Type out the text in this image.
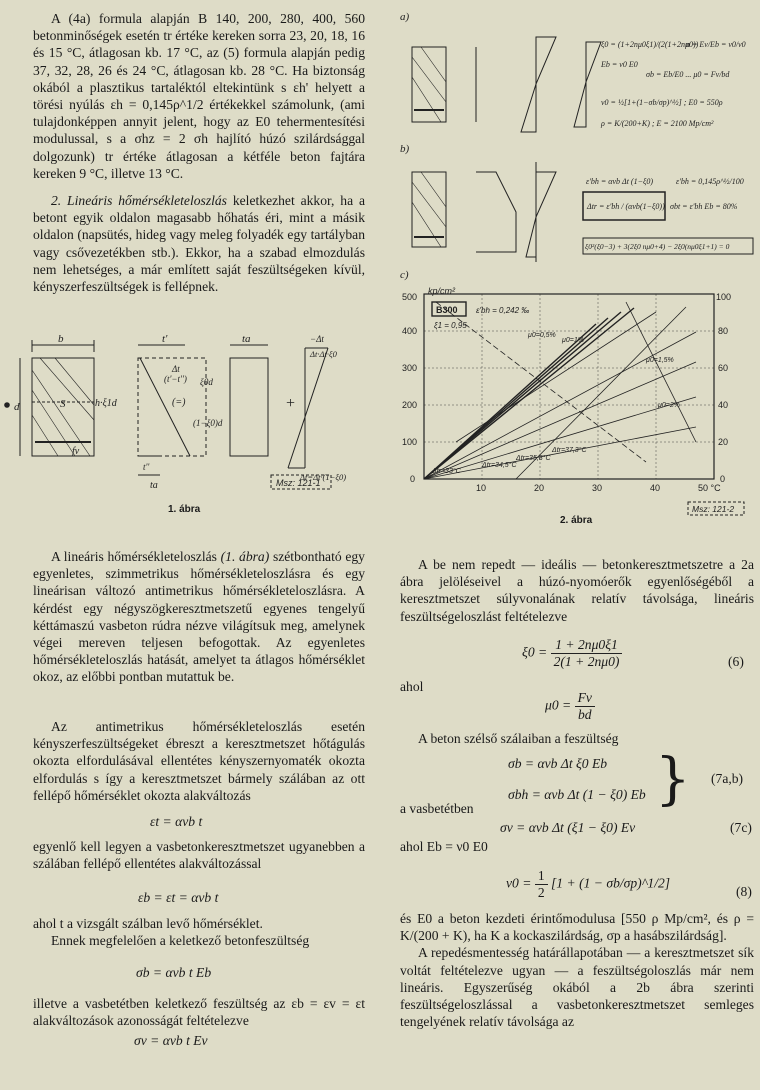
A (4a) formula alapján B 140, 200, 280, 400, 560 betonminőségek esetén tr értéke kereken sorra 23, 20, 18, 16 és 15 °C, átlagosan kb. 17 °C, az (5) formula alapján pedig 37, 32, 28, 26 és 24 °C, átlagosan kb. 28 °C. Ha biztonság okából a plasztikus tartaléktól eltekintünk s εh' helyett a törési nyúlás εh = 0,145ρ^1/2 értékekkel számolunk, (ami tulajdonképpen annyit jelent, hogy az E0 tehermentesítési modulussal, s a σhz = 2 σh hajlító húzó szilárdsággal dolgozunk) tr értéke átlagosan a kétféle beton fajtára kereken 9 °C, illetve 13 °C.

2. Lineáris hőmérsékleteloszlás keletkezhet akkor, ha a betont egyik oldalon magasabb hőhatás éri, mint a másik oldalon (napsütés, hideg vagy meleg folyadék egy tartályban vagy csővezetékben stb.). Ekkor, ha a szabad elmozdulás nem lehetséges, a már említett saját feszültségeken kívül, kényszerfeszültségek is fellépnek.

b
d	h·ξ1d
S
fv
t'
Δt
(t'−t'') ξ0d
(=)
(1−ξ0)d
t''
ta
ta	−Δt
Δt·Δt·ξ0
Δt=Δt·(1−ξ0)
+
Msz: 121-1
1. ábra
a)
b)
c)
ξ0 = (1+2nμ0ξ1)/(2(1+2nμ0))
n = Ev/Eb = ν0/ν0
Eb = ν0 E0
σb = Eb/E0 ... μ0 = Fv/bd
ν0 = ½[1+(1−σb/σp)^½] ; E0 = 550ρ
ρ = K/(200+K) ; E = 2100 Mp/cm²
ε'bh = αvb Δt (1−ξ0)	ε'bh = 0,145ρ^½/100
Δtr = ε'bh / (αvb(1−ξ0)) σbt = ε'bh Eb = 80%
ξ0²(ξ0−3) + 3(2ξ0 nμ0+4) − 2ξ0(nμ0ξ1+1) = 0
kp/cm²
0
100
200
300
400
500
10	20	30	40	50 °C
0
20
40
60
80
100
B300
ξ1 = 0,95
ε'bh = 0,242 ‰
μ0=0,5%
μ0=1%
μ0=1,5%
μ0=2%
Δtr=37,3°C
Δtr=35,8°C
Δtr=34,5°C
Δtr=33°C
Msz: 121-2
2. ábra

A lineáris hőmérsékleteloszlás (1. ábra) szétbontható egy egyenletes, szimmetrikus hőmérsékleteloszlásra és egy lineárisan változó antimetrikus hőmérsékleteloszlásra. A kérdést egy négyszögkeresztmetszetű egyenes tengelyű kéttámaszú vasbeton rúdra nézve világítsuk meg, amelynek végei mereven teljesen befogottak. Az egyenletes hőmérsékleteloszlás hatását, amelyet ta átlagos hőmérséklet okoz, az előbbi pontban mutattuk be.

Az antimetrikus hőmérsékleteloszlás esetén kényszerfeszültségeket ébreszt a keresztmetszet hőtágulás okozta elfordulásával ellentétes kényszernyomaték okozta elfordulás s így a keresztmetszet bármely szálában az ott fellépő hőmérséklet okozta alakváltozás

εt = αvb t

egyenlő kell legyen a vasbetonkeresztmetszet ugyanebben a szálában fellépő ellentétes alakváltozással

εb = εt = αvb t

ahol t a vizsgált szálban levő hőmérséklet.

Ennek megfelelően a keletkező betonfeszültség

σb = αvb t Eb

illetve a vasbetétben keletkező feszültség az εb = εv = εt alakváltozások azonosságát feltételezve

σv = αvb t Ev

A be nem repedt — ideális — betonkeresztmetszetre a 2a ábra jelöléseivel a húzó-nyomóerők egyenlőségéből a keresztmetszet súlyvonalának relatív távolsága, lineáris feszültségeloszlást feltételezve

$\xi 0 = \frac{1 + 2n\mu 0\xi 1}{2(1 + 2n\mu 0)}$	(6)

ahol

$\mu 0 = \frac{Fv}{bd}$

A beton szélső szálaiban a feszültség

σb = αvb Δt ξ0 Eb
σbh = αvb Δt (1 − ξ0) Eb } (7a,b)

a vasbetétben

σv = αvb Δt (ξ1 − ξ0) Ev	(7c)

ahol Eb = ν0 E0

$\nu 0 = \frac{1}{2} [1 + (1$ − σb/σp)^1/2]
(8)

és E0 a beton kezdeti érintőmodulusa [550 ρ Mp/cm², és ρ = K/(200 + K), ha K a kockaszilárdság, σp a hasábszilárdság].

A repedésmentesség határállapotában — a keresztmetszet sík voltát feltételezve ugyan — a feszültségoloszlás már nem lineáris. Egyszerűség okából a 2b ábra szerinti feszültségeloszlással a vasbetonkeresztmetszet semleges tengelyének relatív távolsága az
